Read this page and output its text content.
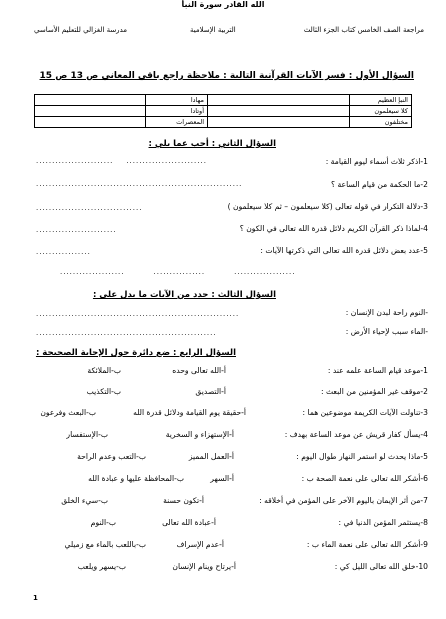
مراجعة الصف الخامس كتاب الجزء الثالث
التربية الإسلامية
مدرسة الغزالي للتعليم الأساسي
الله القادر سورة النبأ
السؤال الأول : فسر الآيات القرآنية التالية : ملاحظة راجع باقي المعاني ص 13 ص 15
النبإ العظيم		مهادا	
كلا سيعلمون		أوتادا	
مختلفون		المعصرات	
السؤال الثاني : أجب عما يلي :
1-اذكر ثلاث أسماء ليوم القيامة :
........................    .........................
2-ما الحكمة من قيام الساعة ؟
................................................................
3-دلالة التكرار في قوله تعالى (كلا سيعلمون – ثم كلا سيعلمون )
.................................
4-لماذا ذكر القرآن الكريم دلائل قدرة الله تعالى في الكون ؟
.........................
5-عدد بعض دلائل قدرة الله تعالى التي ذكرتها الآيات :
.................
....................         ................         ...................
السؤال الثالث : حدد من الآيات ما يدل على :
-النوم راحة لبدن الإنسان :
...............................................................
-الماء سبب لإحياء الأرض :
........................................................
السؤال الرابع : ضع دائرة حول الإجابة الصحيحة :
1-موعد قيام الساعة علمه عند :
أ-الله تعالى وحده
ب-الملائكة
2-موقف غير المؤمنين من البعث :
أ-التصديق
ب-التكذيب
3-تناولت الآيات الكريمة موضوعين هما :
أ-حقيقة يوم القيامة ودلائل قدرة الله
ب-البعث وفرعون
4-يسأل كفار قريش عن موعد الساعة بهدف :
أ-الإستهزاء و السخرية
ب-الإستفسار
5-ماذا يحدث لو استمر النهار طوال اليوم :
أ-العمل المميز
ب-التعب وعدم الراحة
6-أشكر الله تعالى على نعمة الصحة ب :
أ-السهر
ب-المحافظة عليها و عبادة الله
7-من أثر الإيمان باليوم الآخر على المؤمن في أخلاقه :
أ-تكون حسنة
ب-سيء الخلق
8-يستثمر المؤمن الدنيا في :
أ-عبادة الله تعالى
ب-النوم
9-أشكر الله تعالى على نعمة الماء ب :
أ-عدم الإسراف
ب-باللعب بالماء مع زميلي
10-خلق الله تعالى الليل كي :
أ-يرتاح وينام الإنسان
ب-يسهر ويلعب
1
